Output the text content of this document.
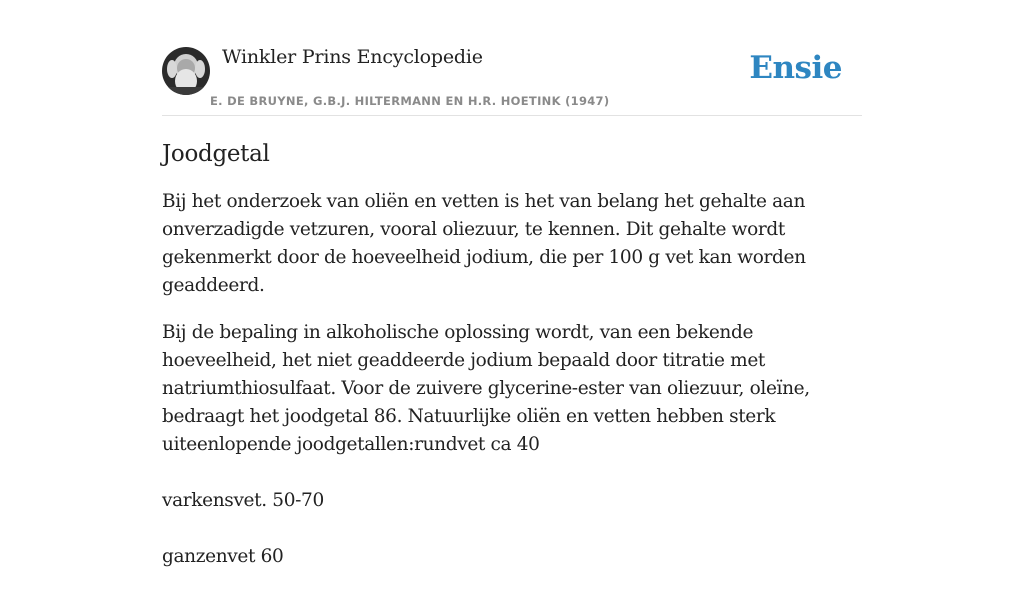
Winkler Prins Encyclopedie
E. DE BRUYNE, G.B.J. HILTERMANN EN H.R. HOETINK (1947)
Ensie
Joodgetal

Bij het onderzoek van oliën en vetten is het van belang het gehalte aan onverzadigde vetzuren, vooral oliezuur, te kennen. Dit gehalte wordt gekenmerkt door de hoeveelheid jodium, die per 100 g vet kan worden geaddeerd.

Bij de bepaling in alkoholische oplossing wordt, van een bekende hoeveelheid, het niet geaddeerde jodium bepaald door titratie met natriumthiosulfaat. Voor de zuivere glycerine-ester van oliezuur, oleïne, bedraagt het joodgetal 86. Natuurlijke oliën en vetten hebben sterk uiteenlopende joodgetallen:rundvet ca 40

varkensvet. 50-70

ganzenvet 60
